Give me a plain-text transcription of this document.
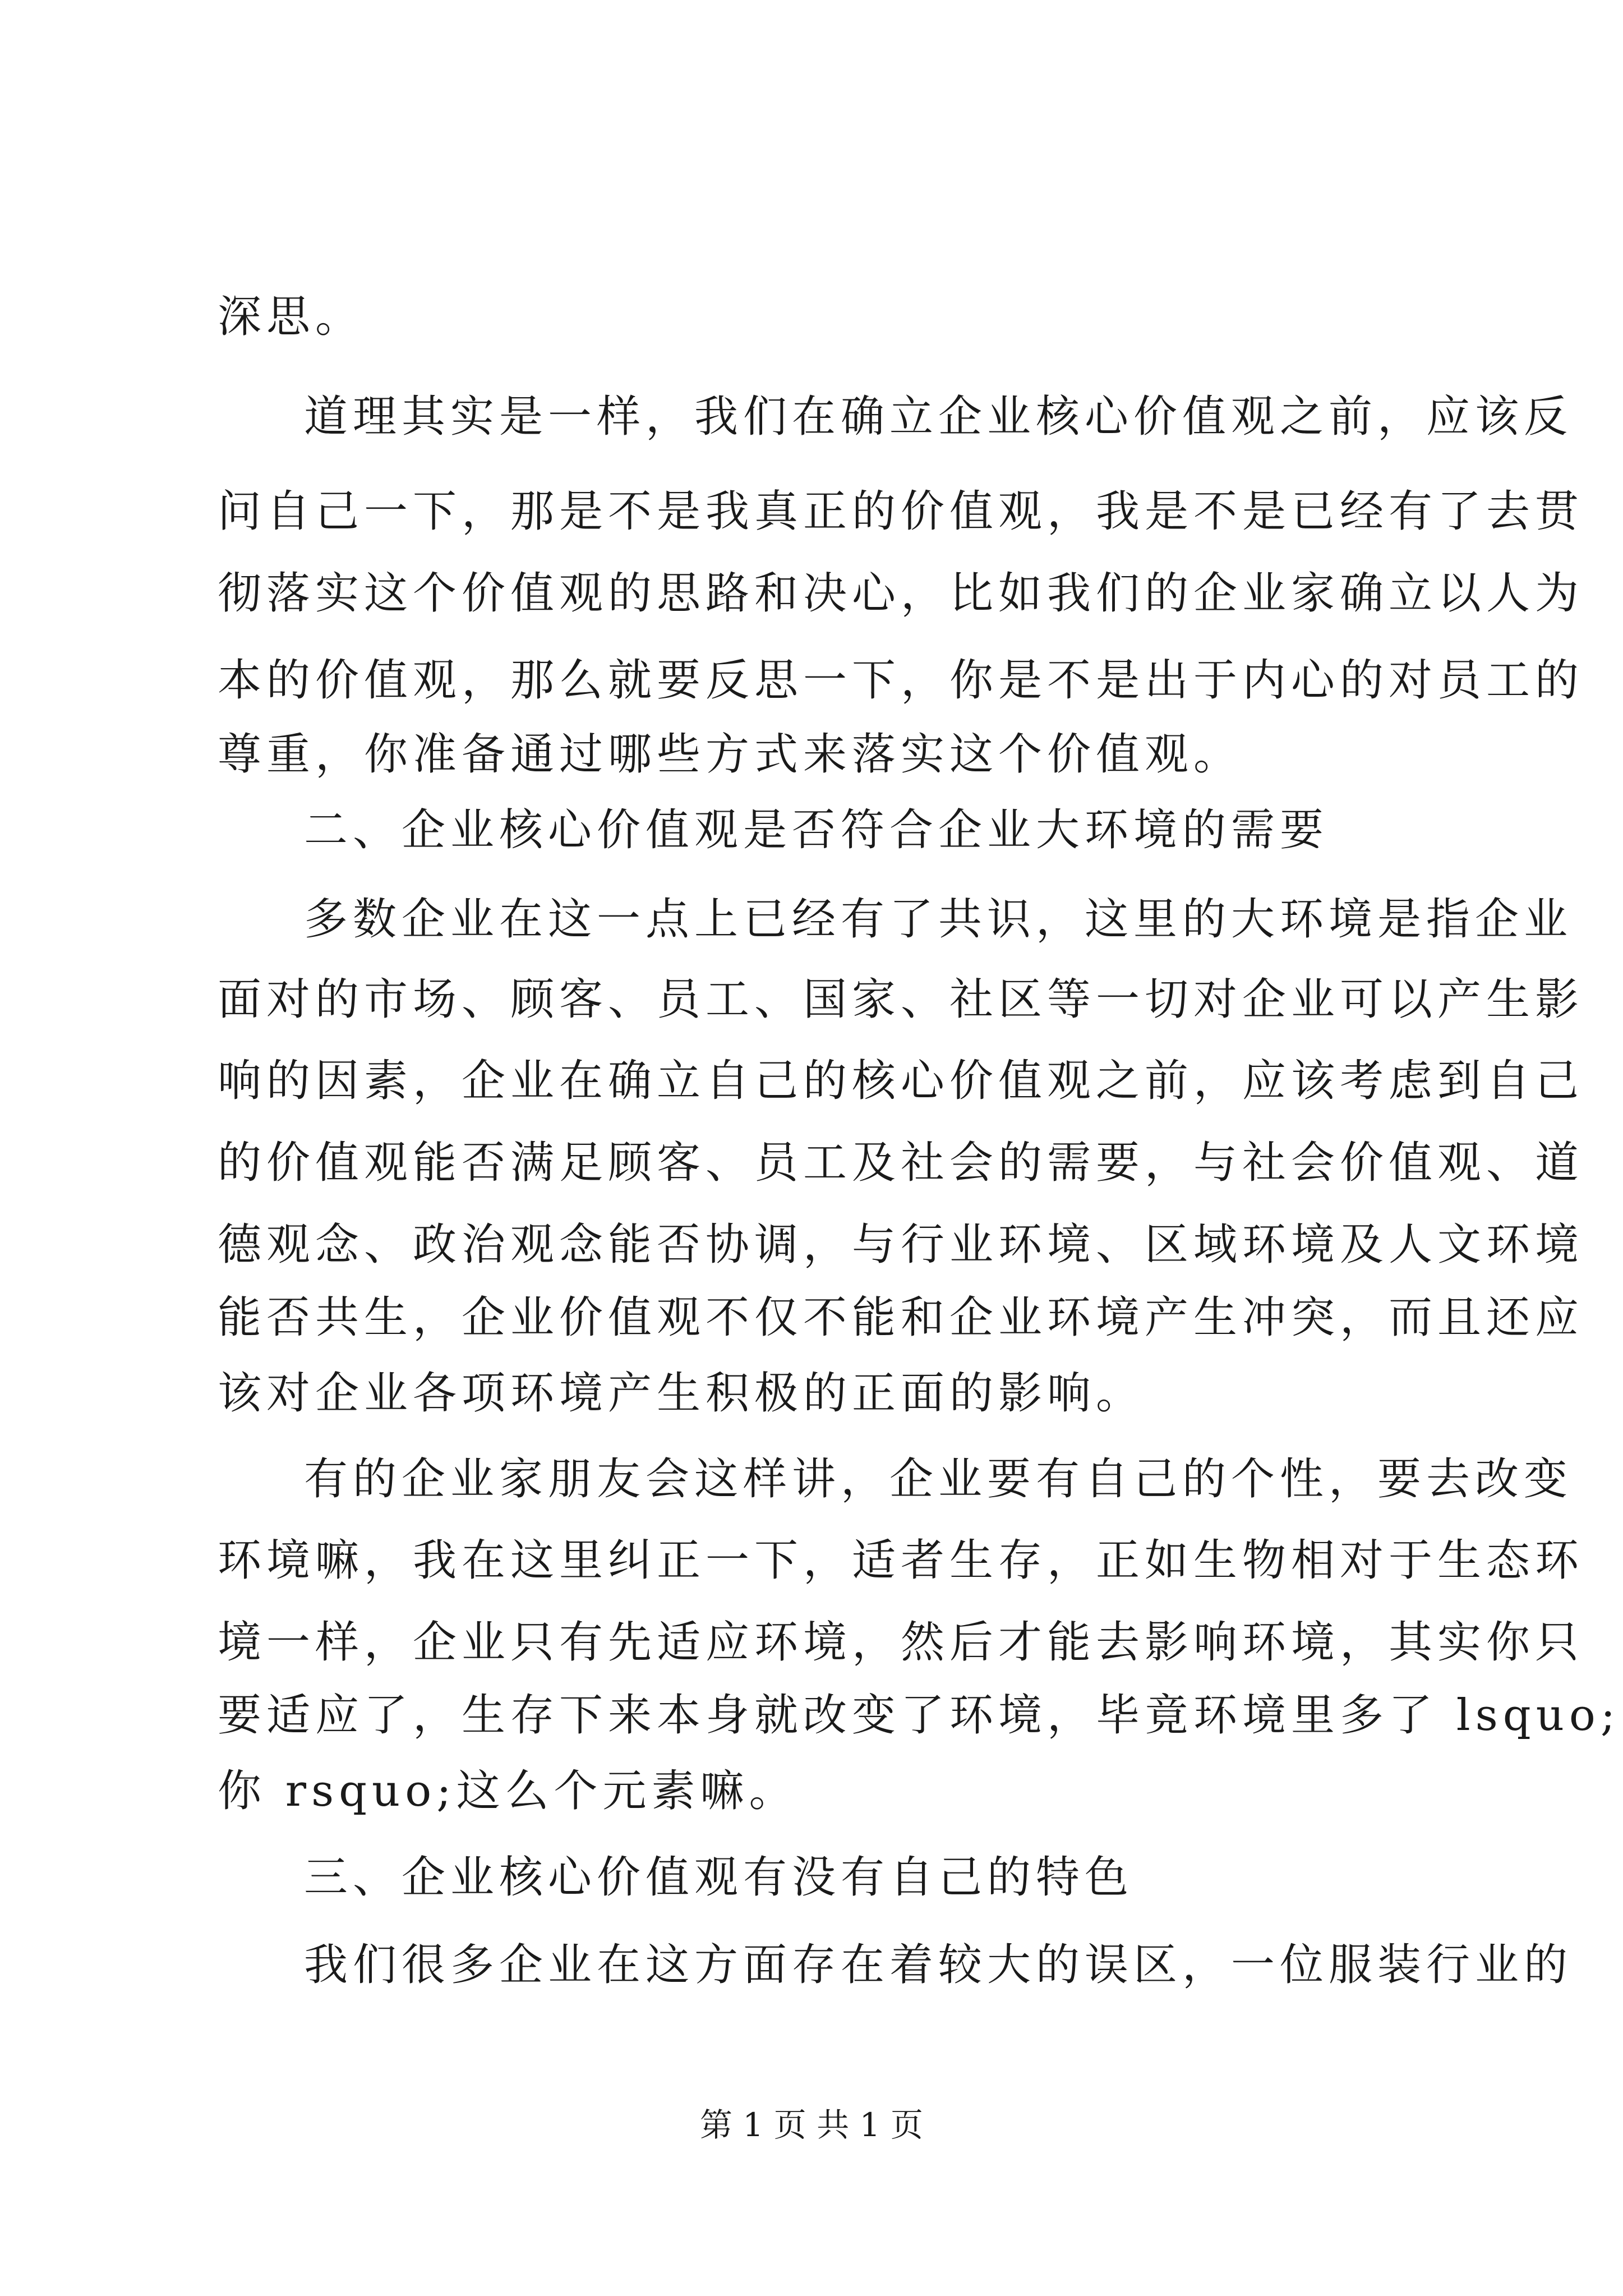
深思。
道理其实是一样，我们在确立企业核心价值观之前，应该反
问自己一下，那是不是我真正的价值观，我是不是已经有了去贯
彻落实这个价值观的思路和决心，比如我们的企业家确立以人为
本的价值观，那么就要反思一下，你是不是出于内心的对员工的
尊重，你准备通过哪些方式来落实这个价值观。
二、企业核心价值观是否符合企业大环境的需要
多数企业在这一点上已经有了共识，这里的大环境是指企业
面对的市场、顾客、员工、国家、社区等一切对企业可以产生影
响的因素，企业在确立自己的核心价值观之前，应该考虑到自己
的价值观能否满足顾客、员工及社会的需要，与社会价值观、道
德观念、政治观念能否协调，与行业环境、区域环境及人文环境
能否共生，企业价值观不仅不能和企业环境产生冲突，而且还应
该对企业各项环境产生积极的正面的影响。
有的企业家朋友会这样讲，企业要有自己的个性，要去改变
环境嘛，我在这里纠正一下，适者生存，正如生物相对于生态环
境一样，企业只有先适应环境，然后才能去影响环境，其实你只
要适应了，生存下来本身就改变了环境，毕竟环境里多了 lsquo;
你 rsquo;这么个元素嘛。
三、企业核心价值观有没有自己的特色
我们很多企业在这方面存在着较大的误区，一位服装行业的
第 1 页 共 1 页
